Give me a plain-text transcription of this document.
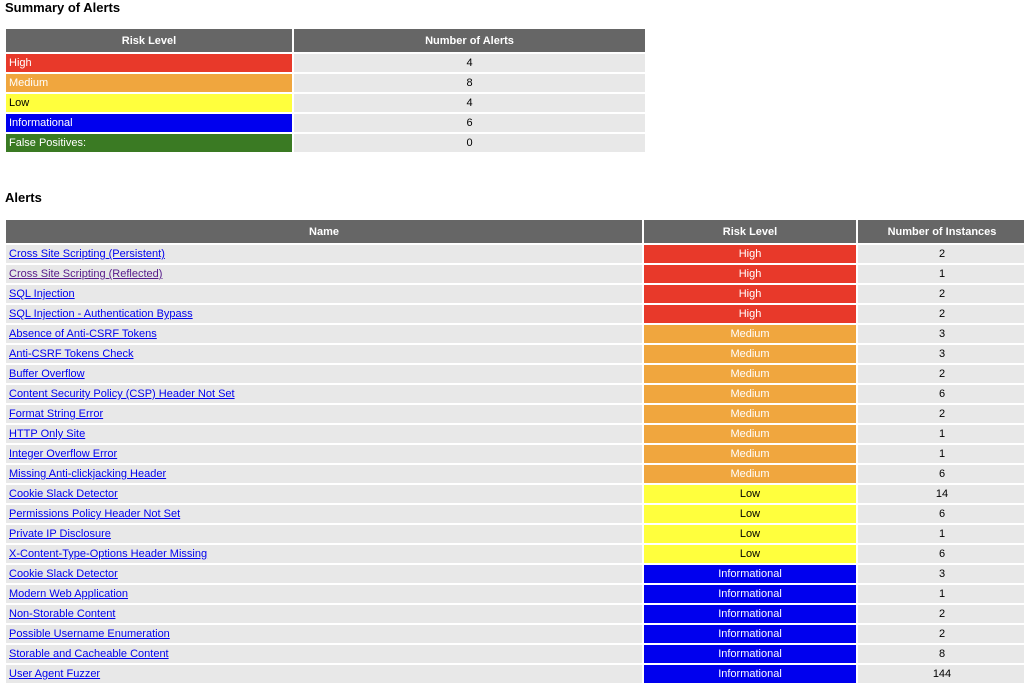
Summary of Alerts
Risk Level	Number of Alerts
High	4
Medium	8
Low	4
Informational	6
False Positives:	0
Alerts
Name	Risk Level	Number of Instances
Cross Site Scripting (Persistent)	High	2
Cross Site Scripting (Reflected)	High	1
SQL Injection	High	2
SQL Injection - Authentication Bypass	High	2
Absence of Anti-CSRF Tokens	Medium	3
Anti-CSRF Tokens Check	Medium	3
Buffer Overflow	Medium	2
Content Security Policy (CSP) Header Not Set	Medium	6
Format String Error	Medium	2
HTTP Only Site	Medium	1
Integer Overflow Error	Medium	1
Missing Anti-clickjacking Header	Medium	6
Cookie Slack Detector	Low	14
Permissions Policy Header Not Set	Low	6
Private IP Disclosure	Low	1
X-Content-Type-Options Header Missing	Low	6
Cookie Slack Detector	Informational	3
Modern Web Application	Informational	1
Non-Storable Content	Informational	2
Possible Username Enumeration	Informational	2
Storable and Cacheable Content	Informational	8
User Agent Fuzzer	Informational	144
